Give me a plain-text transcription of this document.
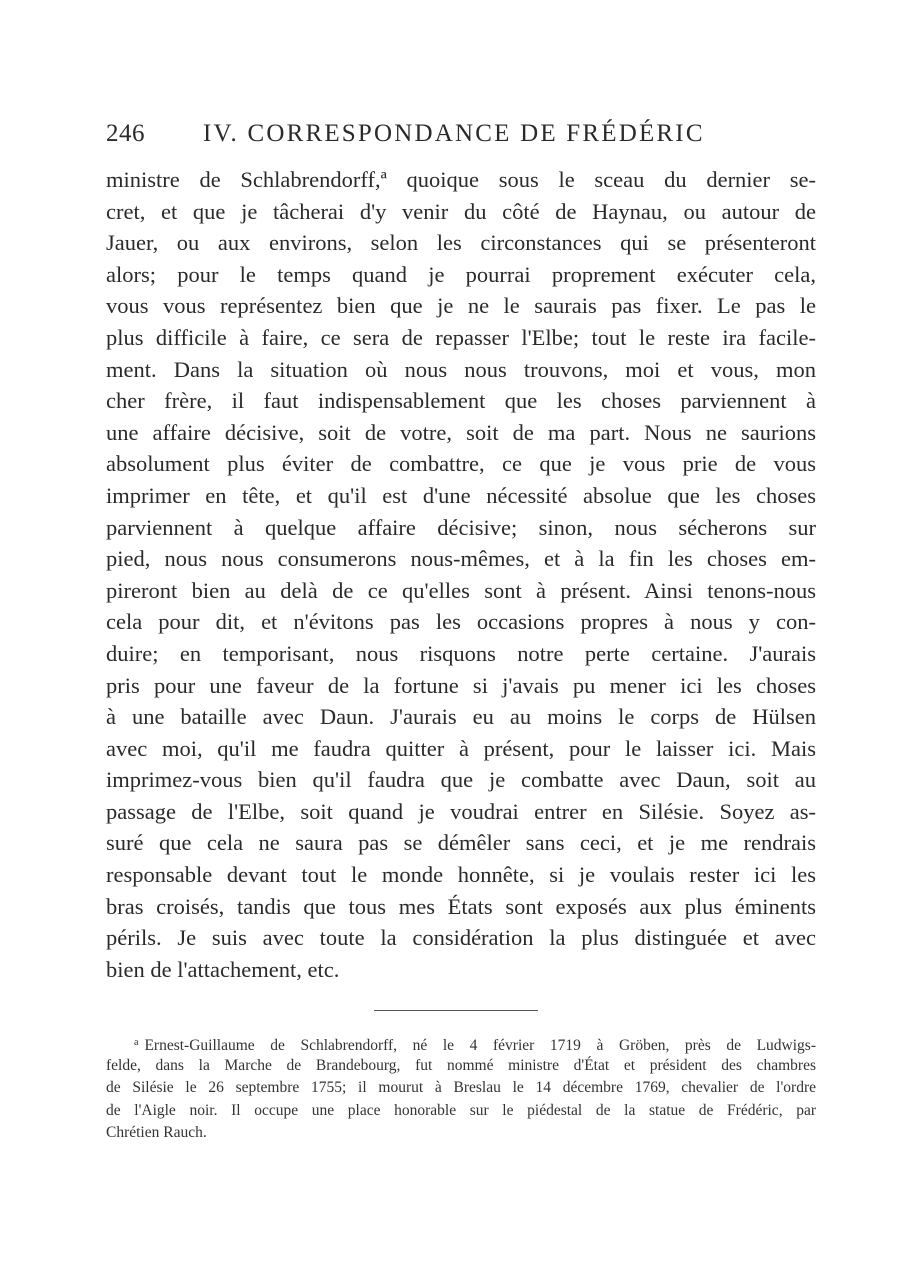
246 IV. CORRESPONDANCE DE FRÉDÉRIC
ministre de Schlabrendorff,ª quoique sous le sceau du dernier se-
cret, et que je tâcherai d'y venir du côté de Haynau, ou autour de
Jauer, ou aux environs, selon les circonstances qui se présenteront
alors; pour le temps quand je pourrai proprement exécuter cela,
vous vous représentez bien que je ne le saurais pas fixer. Le pas le
plus difficile à faire, ce sera de repasser l'Elbe; tout le reste ira facile-
ment. Dans la situation où nous nous trouvons, moi et vous, mon
cher frère, il faut indispensablement que les choses parviennent à
une affaire décisive, soit de votre, soit de ma part. Nous ne saurions
absolument plus éviter de combattre, ce que je vous prie de vous
imprimer en tête, et qu'il est d'une nécessité absolue que les choses
parviennent à quelque affaire décisive; sinon, nous sécherons sur
pied, nous nous consumerons nous-mêmes, et à la fin les choses em-
pireront bien au delà de ce qu'elles sont à présent. Ainsi tenons-nous
cela pour dit, et n'évitons pas les occasions propres à nous y con-
duire; en temporisant, nous risquons notre perte certaine. J'aurais
pris pour une faveur de la fortune si j'avais pu mener ici les choses
à une bataille avec Daun. J'aurais eu au moins le corps de Hülsen
avec moi, qu'il me faudra quitter à présent, pour le laisser ici. Mais
imprimez-vous bien qu'il faudra que je combatte avec Daun, soit au
passage de l'Elbe, soit quand je voudrai entrer en Silésie. Soyez as-
suré que cela ne saura pas se démêler sans ceci, et je me rendrais
responsable devant tout le monde honnête, si je voulais rester ici les
bras croisés, tandis que tous mes États sont exposés aux plus éminents
périls. Je suis avec toute la considération la plus distinguée et avec
bien de l'attachement, etc.
$^a$ Ernest-Guillaume de Schlabrendorff, né le 4 février 1719 à Gröben, près de Ludwigs-
felde, dans la Marche de Brandebourg, fut nommé ministre d'État et président des chambres
de Silésie le 26 septembre 1755; il mourut à Breslau le 14 décembre 1769, chevalier de l'ordre
de l'Aigle noir. Il occupe une place honorable sur le piédestal de la statue de Frédéric, par
Chrétien Rauch.
